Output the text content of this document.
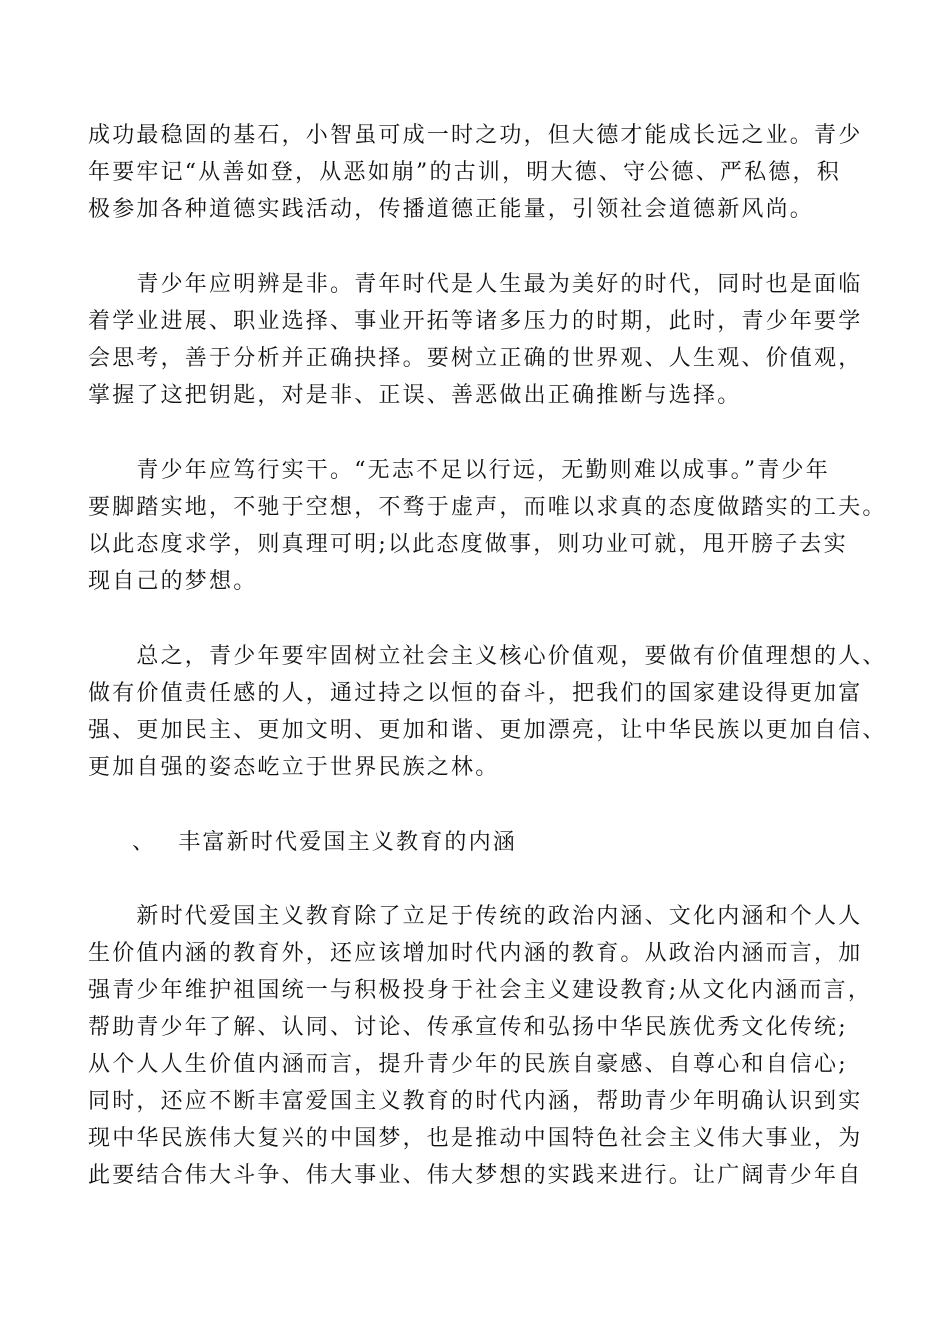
成功最稳固的基石，小智虽可成一时之功，但大德才能成长远之业。青少
年要牢记“从善如登，从恶如崩”的古训，明大德、守公德、严私德，积
极参加各种道德实践活动，传播道德正能量，引领社会道德新风尚。
　　青少年应明辨是非。青年时代是人生最为美好的时代，同时也是面临
着学业进展、职业选择、事业开拓等诸多压力的时期，此时，青少年要学
会思考，善于分析并正确抉择。要树立正确的世界观、人生观、价值观，
掌握了这把钥匙，对是非、正误、善恶做出正确推断与选择。
　　青少年应笃行实干。“无志不足以行远，无勤则难以成事。”青少年
要脚踏实地，不驰于空想，不骛于虚声，而唯以求真的态度做踏实的工夫。
以此态度求学，则真理可明;以此态度做事，则功业可就，甩开膀子去实
现自己的梦想。
　　总之，青少年要牢固树立社会主义核心价值观，要做有价值理想的人、
做有价值责任感的人，通过持之以恒的奋斗，把我们的国家建设得更加富
强、更加民主、更加文明、更加和谐、更加漂亮，让中华民族以更加自信、
更加自强的姿态屹立于世界民族之林。
、 丰富新时代爱国主义教育的内涵
　　新时代爱国主义教育除了立足于传统的政治内涵、文化内涵和个人人
生价值内涵的教育外，还应该增加时代内涵的教育。从政治内涵而言，加
强青少年维护祖国统一与积极投身于社会主义建设教育;从文化内涵而言，
帮助青少年了解、认同、讨论、传承宣传和弘扬中华民族优秀文化传统;
从个人人生价值内涵而言，提升青少年的民族自豪感、自尊心和自信心;
同时，还应不断丰富爱国主义教育的时代内涵，帮助青少年明确认识到实
现中华民族伟大复兴的中国梦，也是推动中国特色社会主义伟大事业，为
此要结合伟大斗争、伟大事业、伟大梦想的实践来进行。让广阔青少年自
